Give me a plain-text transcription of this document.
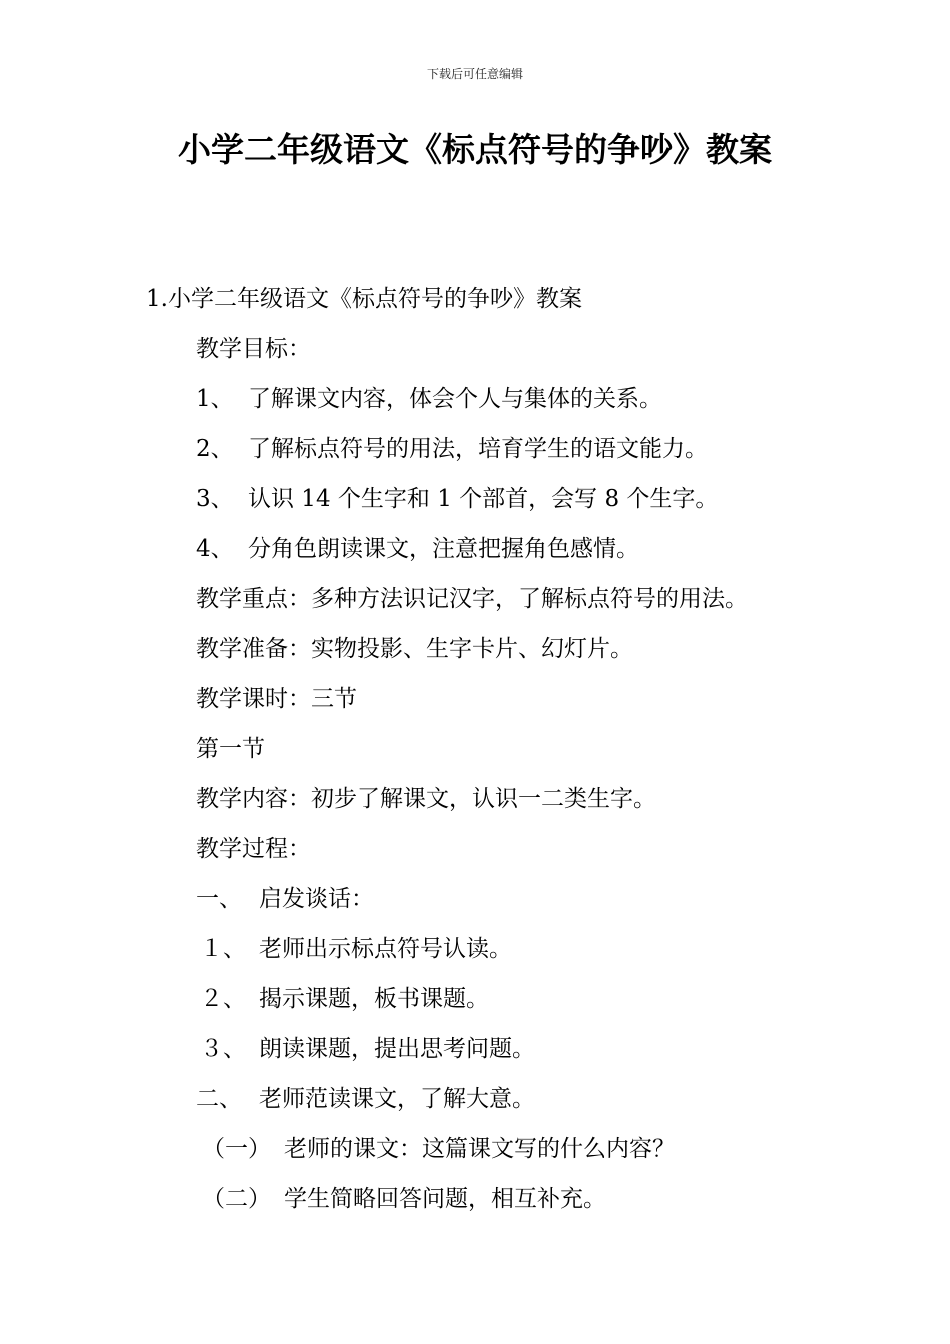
下载后可任意编辑
小学二年级语文《标点符号的争吵》教案
1.小学二年级语文《标点符号的争吵》教案
教学目标：
1、 了解课文内容，体会个人与集体的关系。
2、 了解标点符号的用法，培育学生的语文能力。
3、 认识 14 个生字和 1 个部首，会写 8 个生字。
4、 分角色朗读课文，注意把握角色感情。
教学重点：多种方法识记汉字，了解标点符号的用法。
教学准备：实物投影、生字卡片、幻灯片。
教学课时：三节
第一节
教学内容：初步了解课文，认识一二类生字。
教学过程：
一、 启发谈话：
１、 老师出示标点符号认读。
２、 揭示课题，板书课题。
３、 朗读课题，提出思考问题。
二、 老师范读课文，了解大意。
（一） 老师的课文：这篇课文写的什么内容？
（二） 学生简略回答问题，相互补充。
